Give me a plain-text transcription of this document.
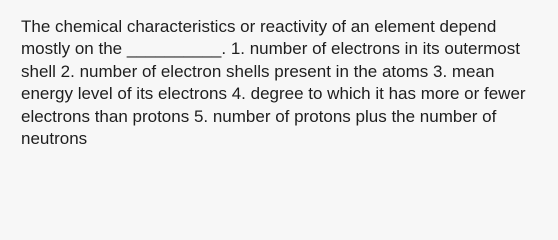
The chemical characteristics or reactivity of an element depend mostly on the __________. 1. number of electrons in its outermost shell 2. number of electron shells present in the atoms 3. mean energy level of its electrons 4. degree to which it has more or fewer electrons than protons 5. number of protons plus the number of neutrons
